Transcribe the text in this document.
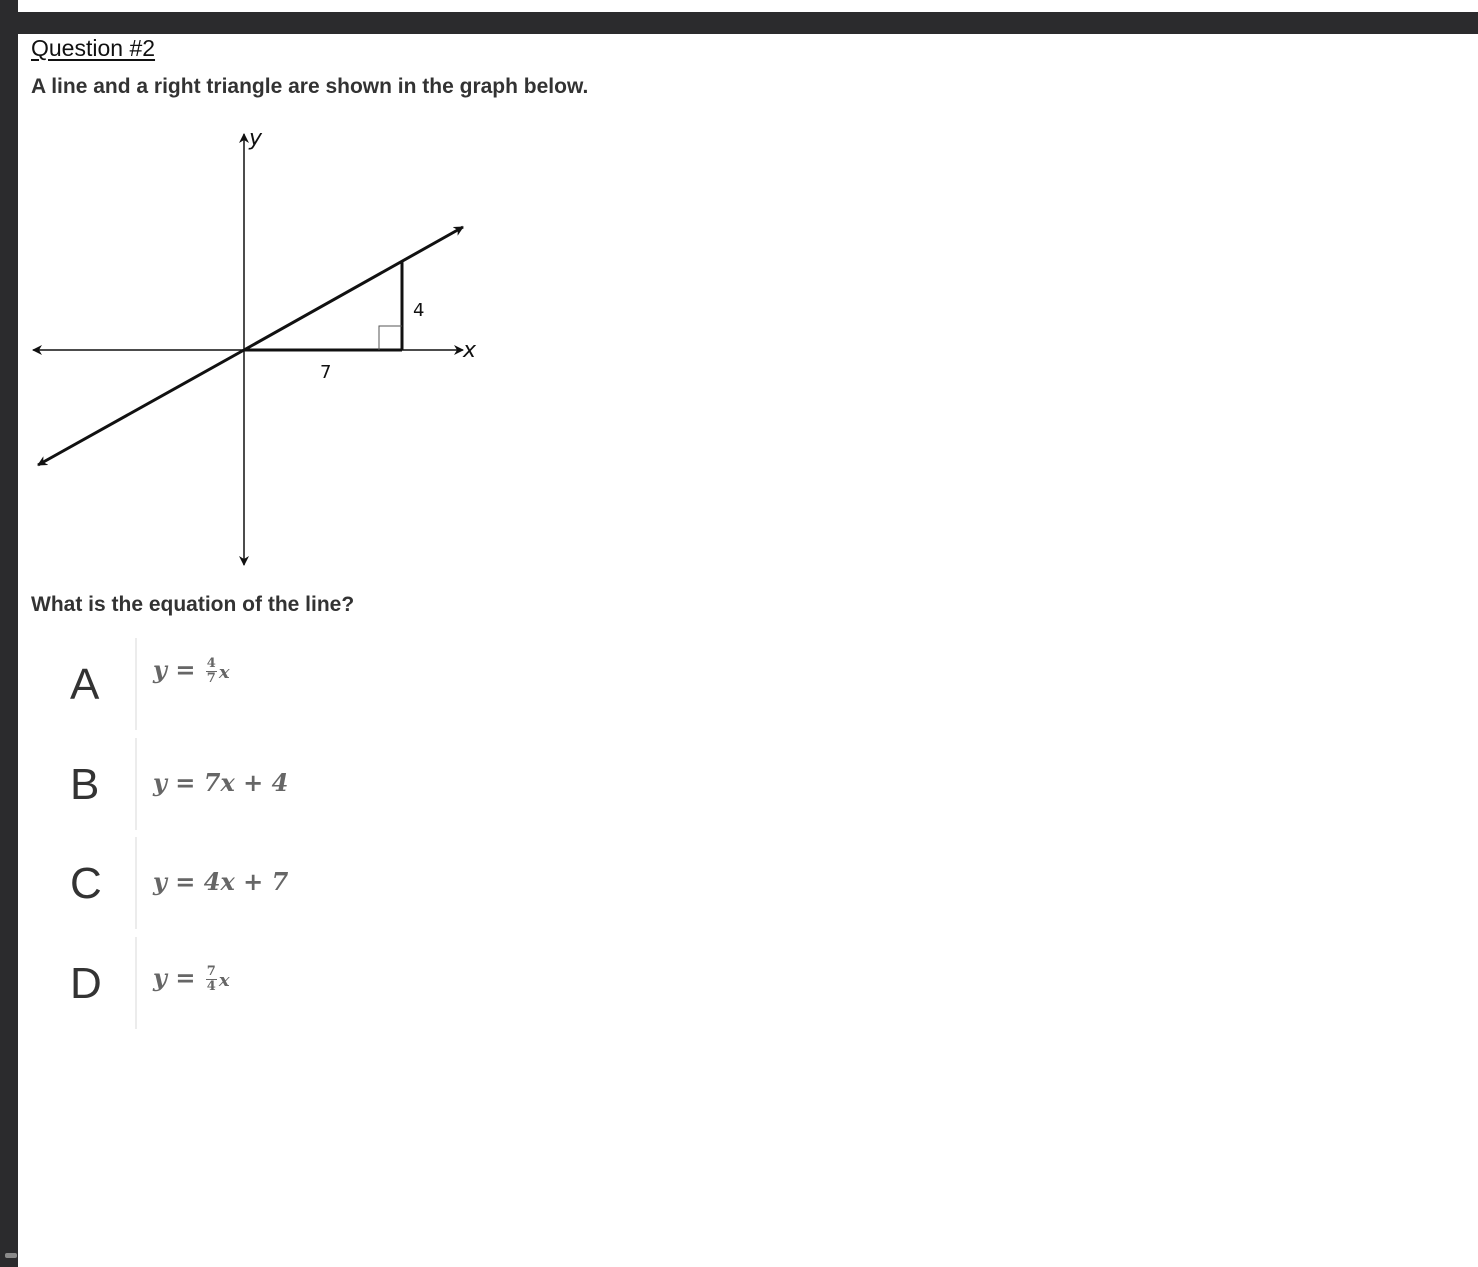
Question #2
A line and a right triangle are shown in the graph below.
y
x
7
4
What is the equation of the line?
A	$y = \frac{4}{7}$ x
B	y = 7x + 4
C	y = 4x + 7
D	$y = \frac{7}{4}$ x
